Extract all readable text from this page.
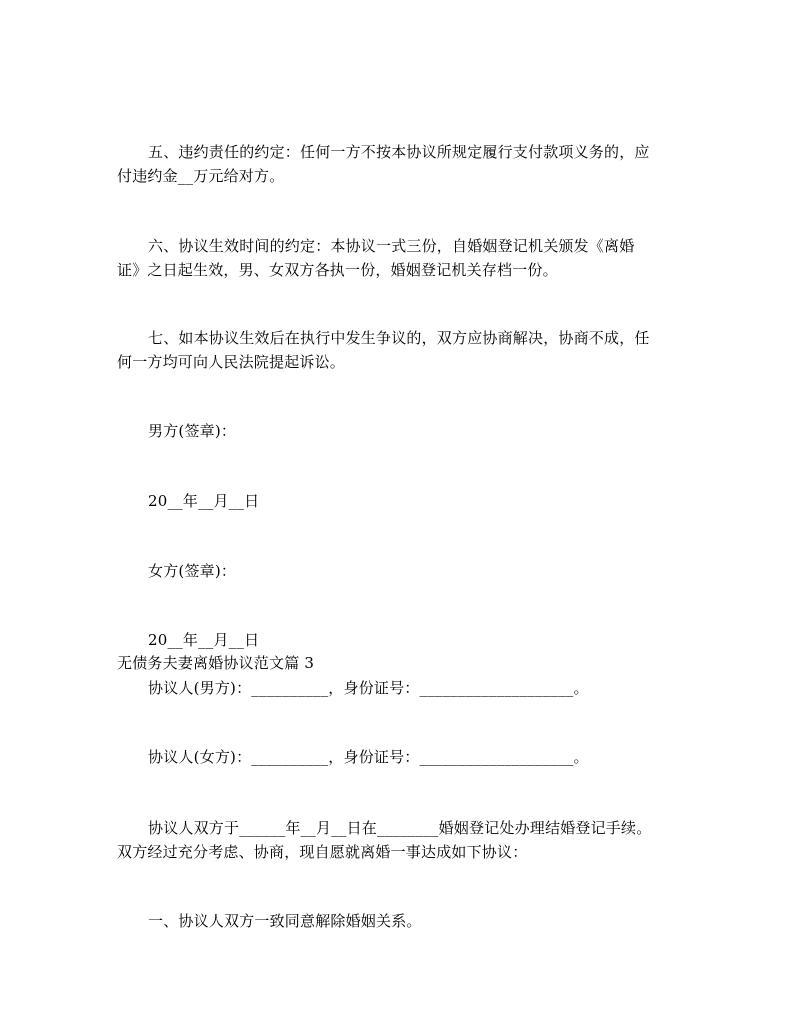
五、违约责任的约定：任何一方不按本协议所规定履行支付款项义务的，应
付违约金__万元给对方。
六、协议生效时间的约定：本协议一式三份，自婚姻登记机关颁发《离婚
证》之日起生效，男、女双方各执一份，婚姻登记机关存档一份。
七、如本协议生效后在执行中发生争议的，双方应协商解决，协商不成，任
何一方均可向人民法院提起诉讼。
男方(签章)：
20__年__月__日
女方(签章)：
20__年__月__日
无债务夫妻离婚协议范文篇 3
协议人(男方)：__________，身份证号：____________________。
协议人(女方)：__________，身份证号：____________________。
协议人双方于______年__月__日在________婚姻登记处办理结婚登记手续。
双方经过充分考虑、协商，现自愿就离婚一事达成如下协议：
一、协议人双方一致同意解除婚姻关系。
